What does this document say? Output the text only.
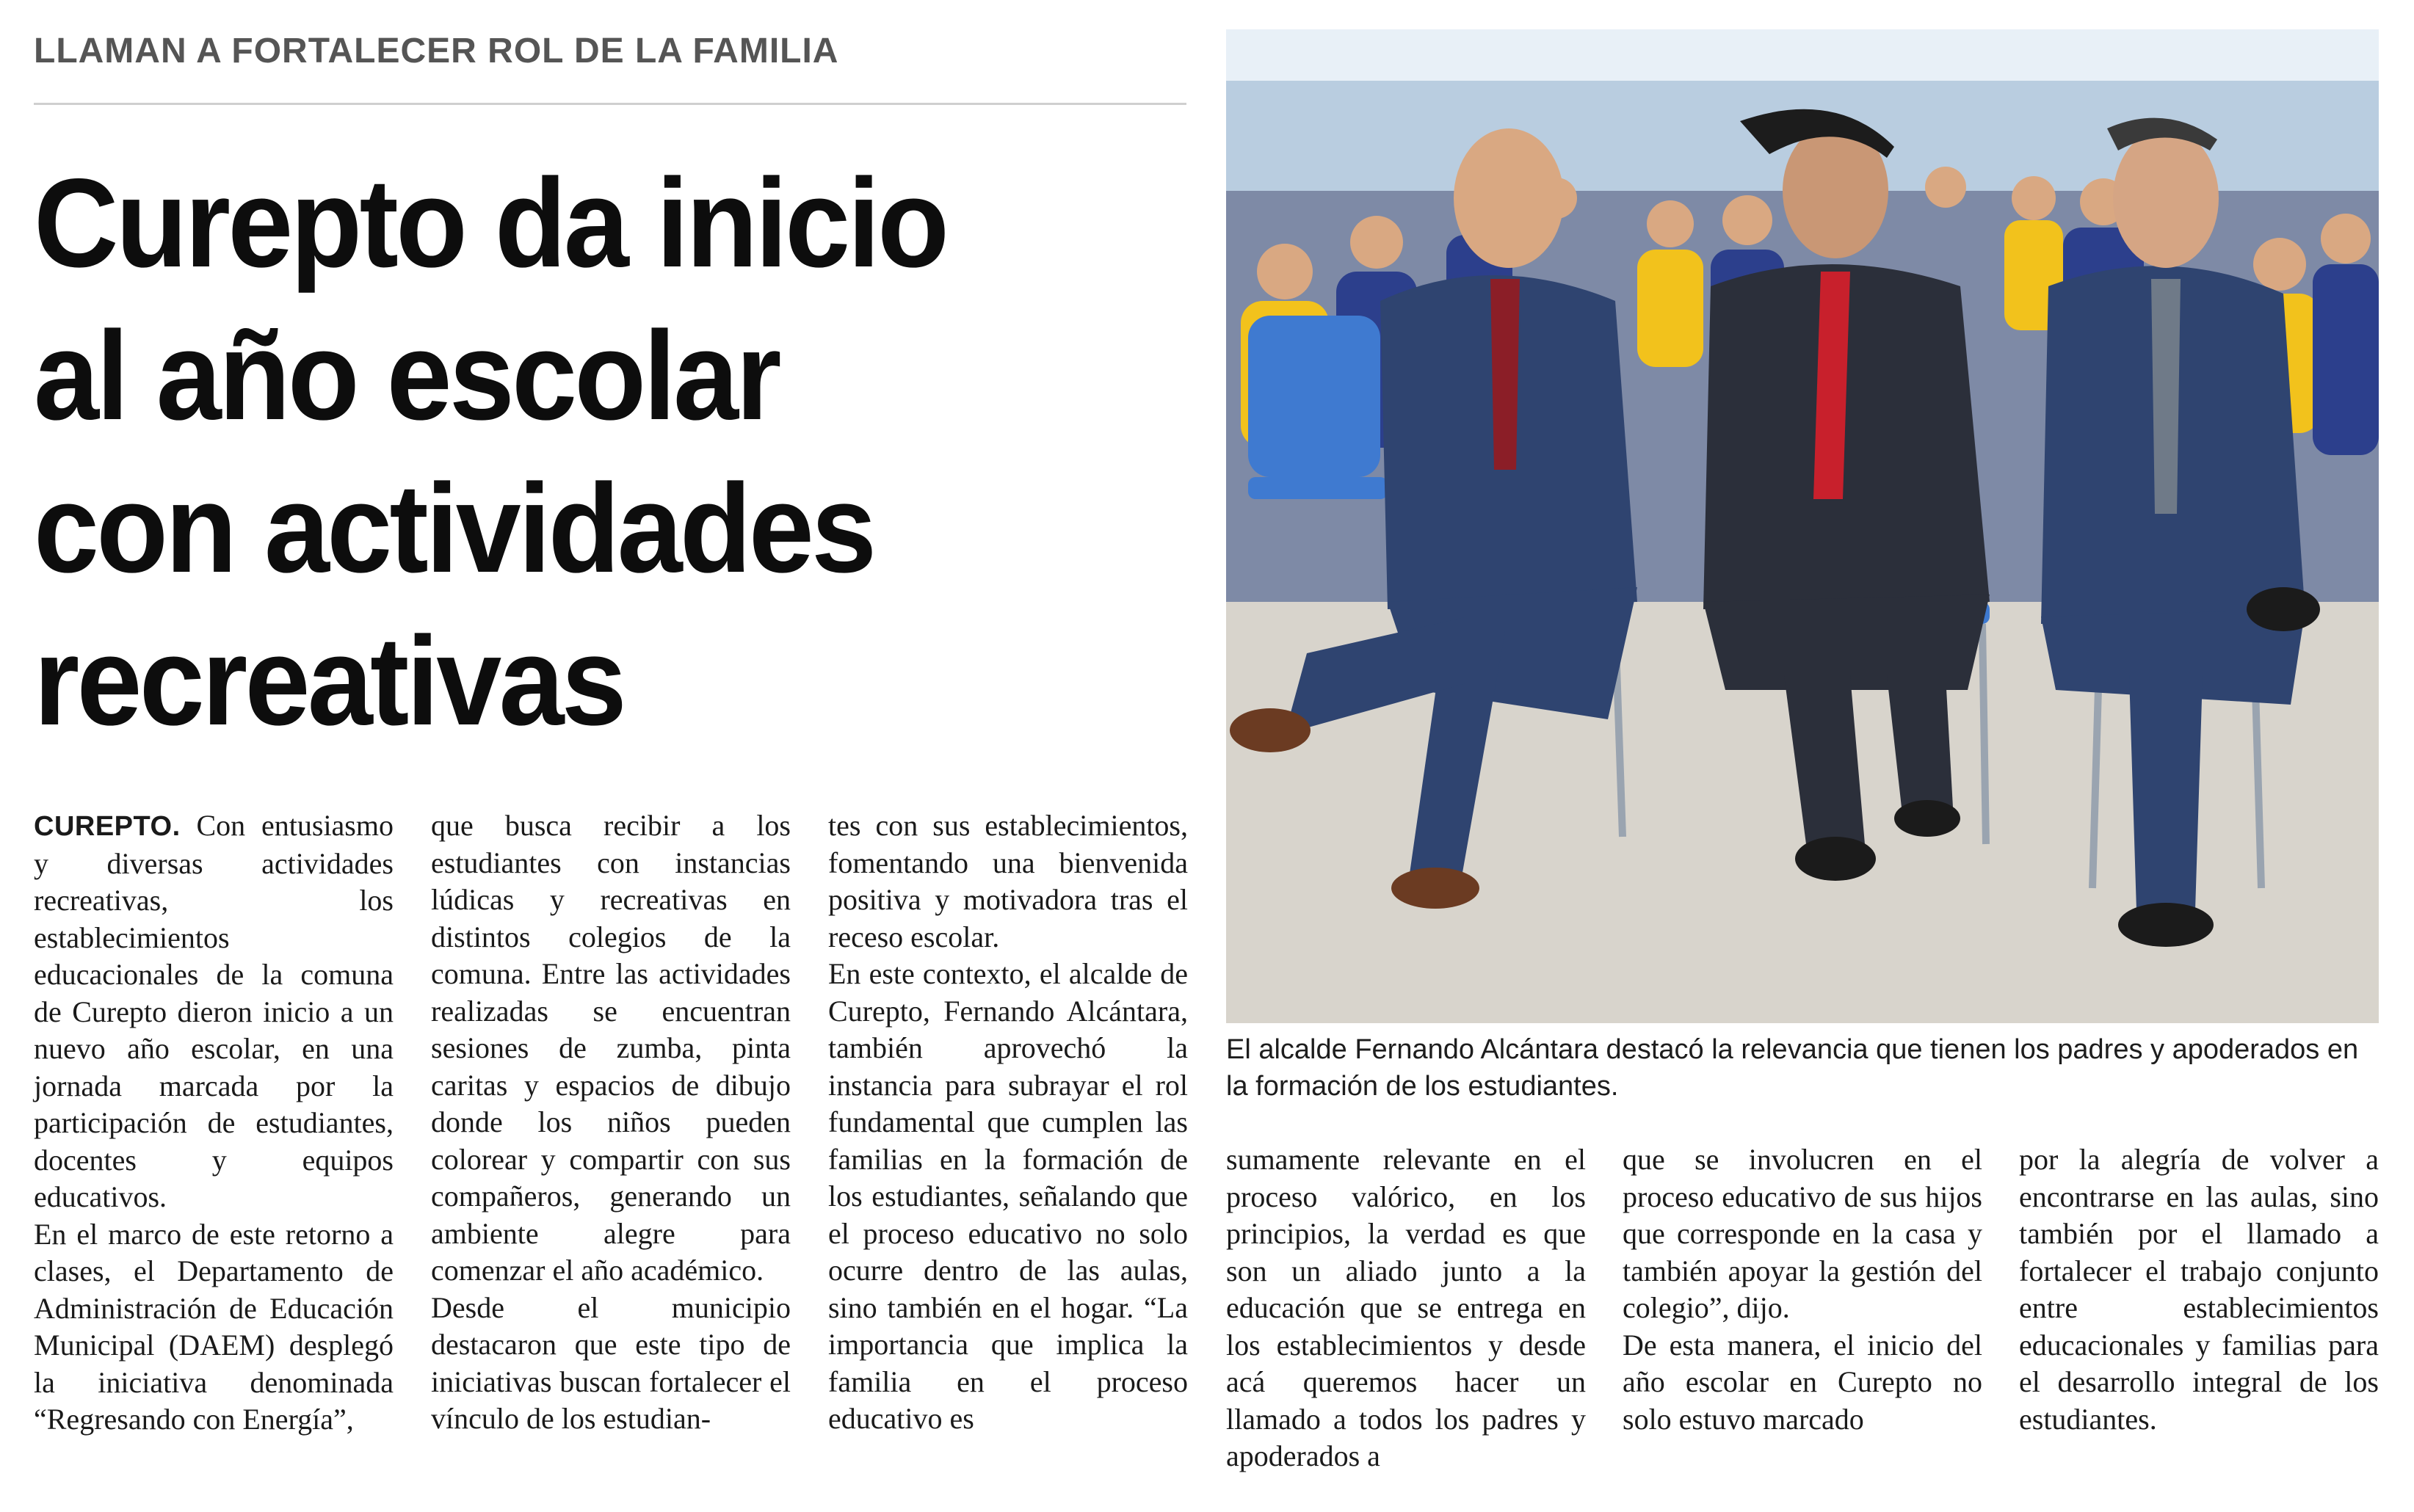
LLAMAN A FORTALECER ROL DE LA FAMILIA
Curepto da inicio
al año escolar
con actividades
recreativas

CUREPTO. Con entusiasmo y diversas actividades recreativas, los establecimientos educacionales de la comuna de Curepto dieron inicio a un nuevo año escolar, en una jornada marcada por la participación de estudiantes, docentes y equipos educativos.

En el marco de este retorno a clases, el Departamento de Administración de Educación Municipal (DAEM) desplegó la iniciativa denominada “Regresando con Energía”,

que busca recibir a los estudiantes con instancias lúdicas y recreativas en distintos colegios de la comuna. Entre las actividades realizadas se encuentran sesiones de zumba, pinta caritas y espacios de dibujo donde los niños pueden colorear y compartir con sus compañeros, generando un ambiente alegre para comenzar el año académico.

Desde el municipio destacaron que este tipo de iniciativas buscan fortalecer el vínculo de los estudian-

tes con sus establecimientos, fomentando una bienvenida positiva y motivadora tras el receso escolar.

En este contexto, el alcalde de Curepto, Fernando Alcántara, también aprovechó la instancia para subrayar el rol fundamental que cumplen las familias en la formación de los estudiantes, señalando que el proceso educativo no solo ocurre dentro de las aulas, sino también en el hogar. “La importancia que implica la familia en el proceso educativo es

El alcalde Fernando Alcántara destacó la relevancia que tienen los padres y apoderados en la formación de los estudiantes.

sumamente relevante en el proceso valórico, en los principios, la verdad es que son un aliado junto a la educación que se entrega en los establecimientos y desde acá queremos hacer un llamado a todos los padres y apoderados a

que se involucren en el proceso educativo de sus hijos que corresponde en la casa y también apoyar la gestión del colegio”, dijo.

De esta manera, el inicio del año escolar en Curepto no solo estuvo marcado

por la alegría de volver a encontrarse en las aulas, sino también por el llamado a fortalecer el trabajo conjunto entre establecimientos educacionales y familias para el desarrollo integral de los estudiantes.
